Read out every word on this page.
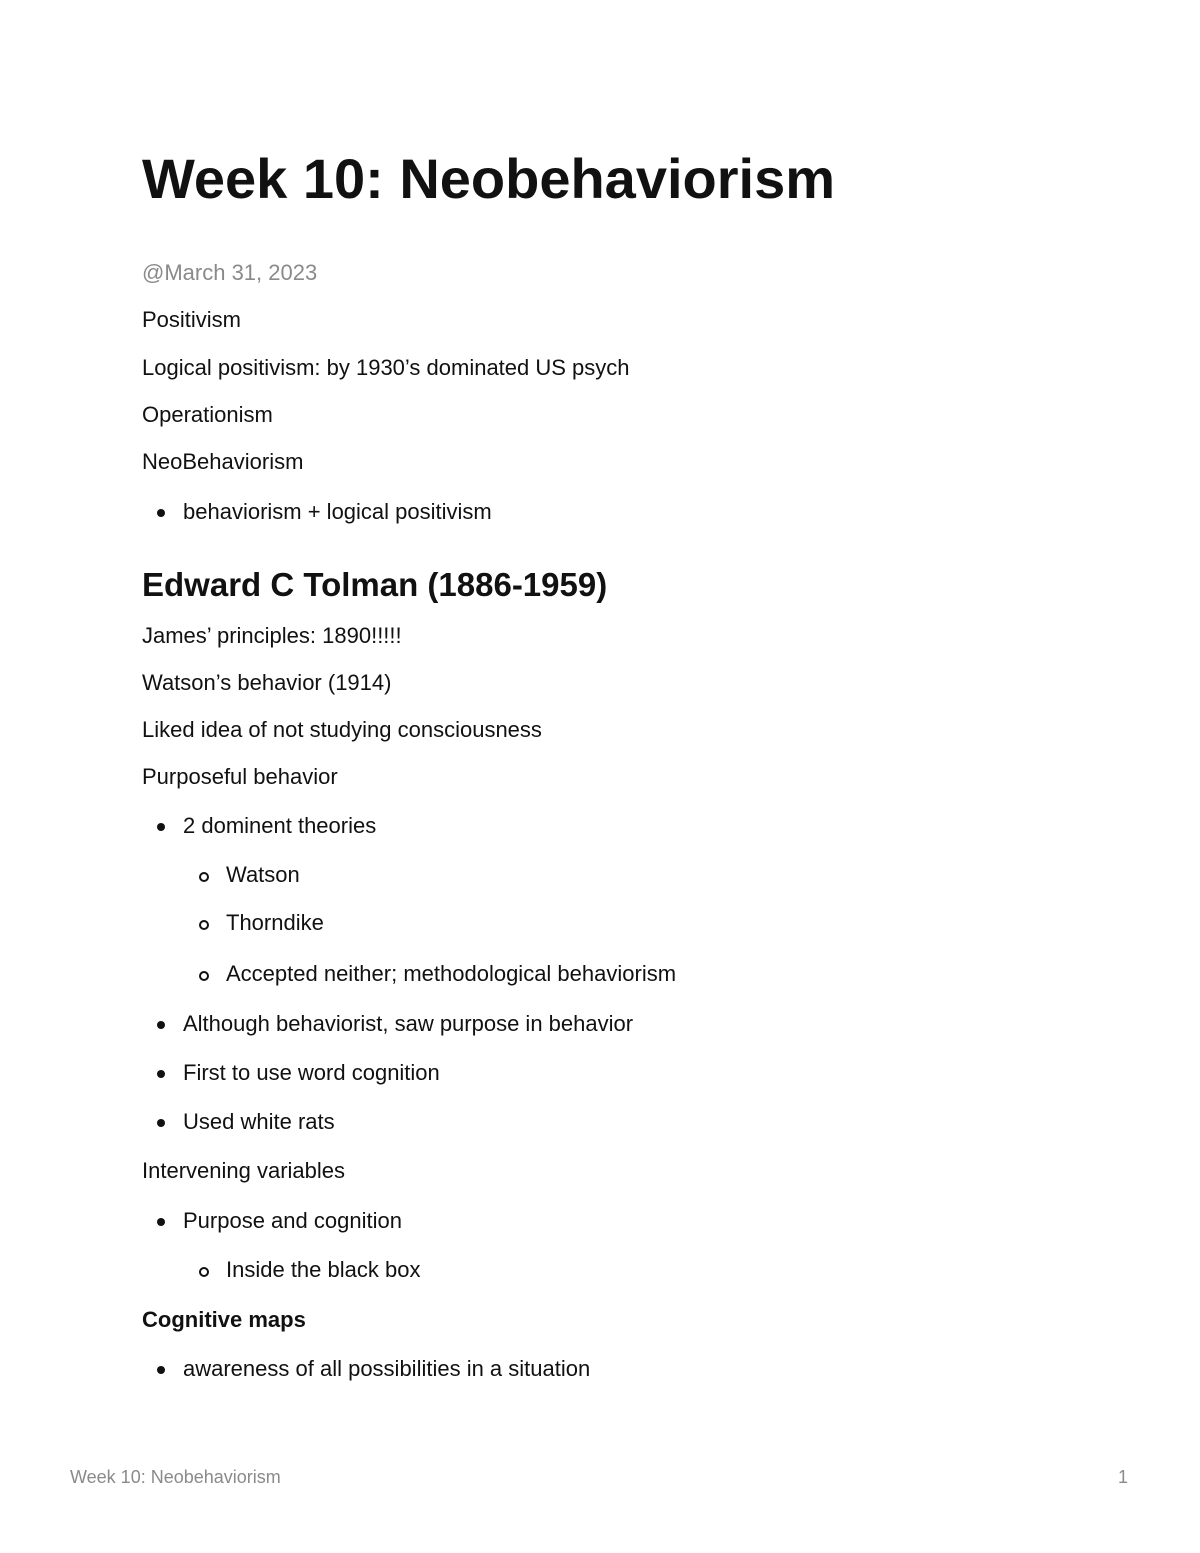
Week 10: Neobehaviorism
@March 31, 2023
Positivism
Logical positivism: by 1930’s dominated US psych
Operationism
NeoBehaviorism
behaviorism + logical positivism
Edward C Tolman (1886-1959)
James’ principles: 1890!!!!!
Watson’s behavior (1914)
Liked idea of not studying consciousness
Purposeful behavior
2 dominent theories
Watson
Thorndike
Accepted neither; methodological behaviorism
Although behaviorist, saw purpose in behavior
First to use word cognition
Used white rats
Intervening variables
Purpose and cognition
Inside the black box
Cognitive maps
awareness of all possibilities in a situation
Week 10: Neobehaviorism	1
